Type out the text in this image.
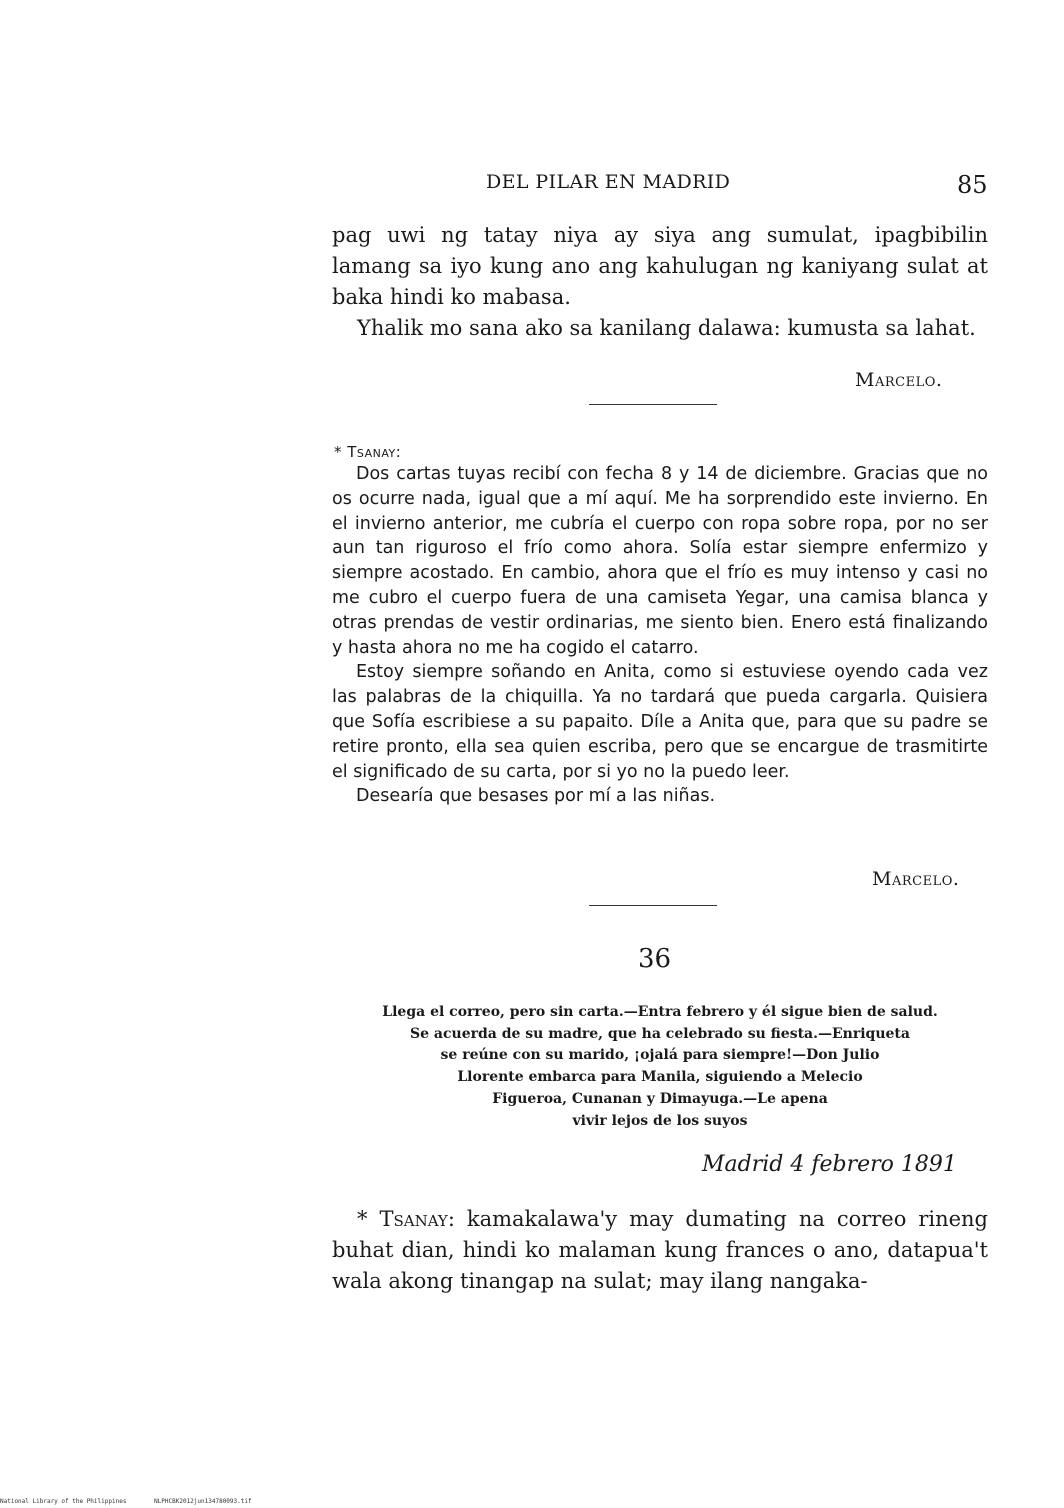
DEL PILAR EN MADRID	85

pag uwi ng tatay niya ay siya ang sumulat, ipagbibilin lamang sa iyo kung ano ang kahulugan ng kaniyang sulat at baka hindi ko mabasa.

Yhalik mo sana ako sa kanilang dalawa: kumusta sa lahat.

Marcelo.
* Tsanay:

Dos cartas tuyas recibí con fecha 8 y 14 de diciembre. Gracias que no os ocurre nada, igual que a mí aquí. Me ha sorprendido este invierno. En el invierno anterior, me cubría el cuerpo con ropa sobre ropa, por no ser aun tan riguroso el frío como ahora. Solía estar siempre enfermizo y siempre acostado. En cambio, ahora que el frío es muy intenso y casi no me cubro el cuerpo fuera de una camiseta Yegar, una camisa blanca y otras prendas de vestir ordinarias, me siento bien. Enero está finalizando y hasta ahora no me ha cogido el catarro.

Estoy siempre soñando en Anita, como si estuviese oyendo cada vez las palabras de la chiquilla. Ya no tardará que pueda cargarla. Quisiera que Sofía escribiese a su papaito. Díle a Anita que, para que su padre se retire pronto, ella sea quien escriba, pero que se encargue de trasmitirte el significado de su carta, por si yo no la puedo leer.

Desearía que besases por mí a las niñas.

Marcelo.
36
Llega el correo, pero sin carta.—Entra febrero y él sigue bien de salud.
Se acuerda de su madre, que ha celebrado su fiesta.—Enriqueta
se reúne con su marido, ¡ojalá para siempre!—Don Julio
Llorente embarca para Manila, siguiendo a Melecio
Figueroa, Cunanan y Dimayuga.—Le apena
vivir lejos de los suyos
Madrid 4 febrero 1891

* Tsanay: kamakalawa'y may dumating na correo rineng buhat dian, hindi ko malaman kung frances o ano, datapua't wala akong tinangap na sulat; may ilang nangaka-

National Library of the Philippines	NLPHCBK2012jun134780093.tif
